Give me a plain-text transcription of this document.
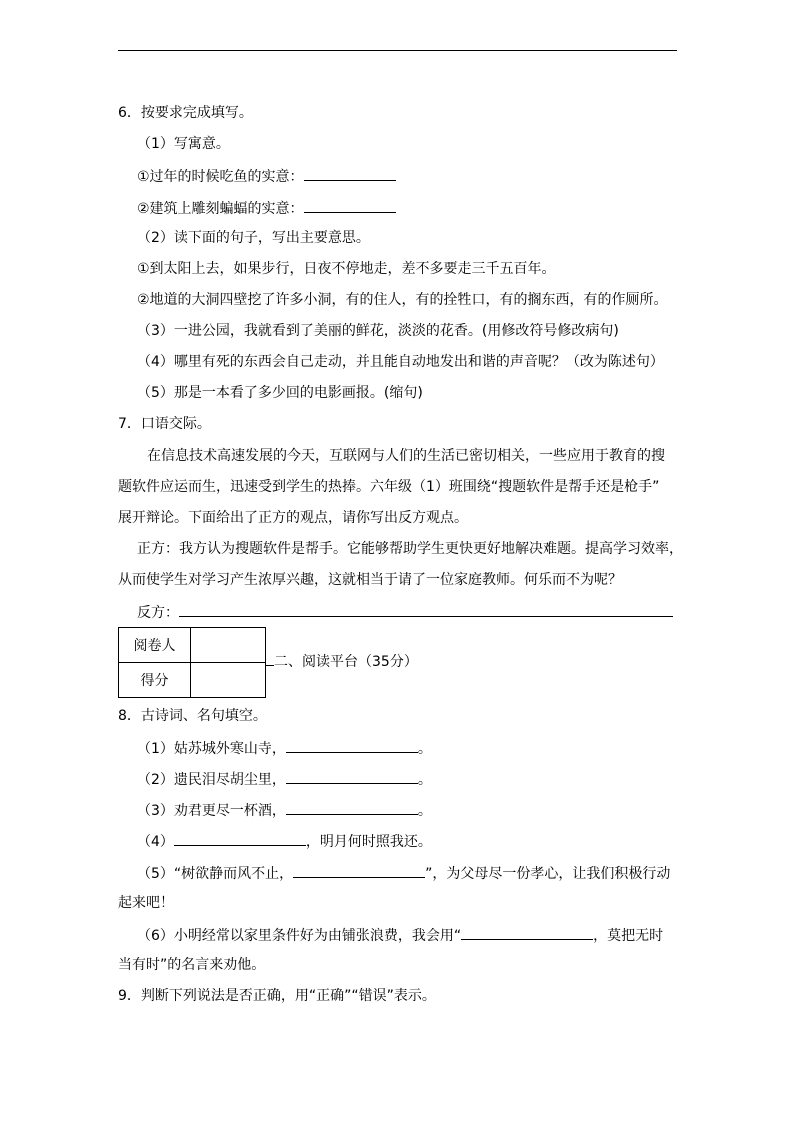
6．按要求完成填写。
（1）写寓意。
①过年的时候吃鱼的实意：
②建筑上雕刻蝙蝠的实意：
（2）读下面的句子，写出主要意思。
①到太阳上去，如果步行，日夜不停地走，差不多要走三千五百年。
②地道的大洞四壁挖了许多小洞，有的住人，有的拴牲口，有的搁东西，有的作厕所。
（3）一进公园，我就看到了美丽的鲜花，淡淡的花香。(用修改符号修改病句)
（4）哪里有死的东西会自己走动，并且能自动地发出和谐的声音呢？（改为陈述句）
（5）那是一本看了多少回的电影画报。(缩句)
7．口语交际。
在信息技术高速发展的今天，互联网与人们的生活已密切相关，一些应用于教育的搜
题软件应运而生，迅速受到学生的热捧。六年级（1）班围绕“搜题软件是帮手还是枪手”
展开辩论。下面给出了正方的观点，请你写出反方观点。
正方：我方认为搜题软件是帮手。它能够帮助学生更快更好地解决难题。提高学习效率，
从而使学生对学习产生浓厚兴趣，这就相当于请了一位家庭教师。何乐而不为呢？
反方：
阅卷人	
得分	
二、阅读平台（35分）
8．古诗词、名句填空。
（1）姑苏城外寒山寺，	。
（2）遗民泪尽胡尘里，	。
（3）劝君更尽一杯酒，	。
（4）	，明月何时照我还。
（5）“树欲静而风不止，	”，为父母尽一份孝心，让我们积极行动
起来吧！
（6）小明经常以家里条件好为由铺张浪费，我会用“	，莫把无时
当有时”的名言来劝他。
9．判断下列说法是否正确，用“正确”“错误”表示。
